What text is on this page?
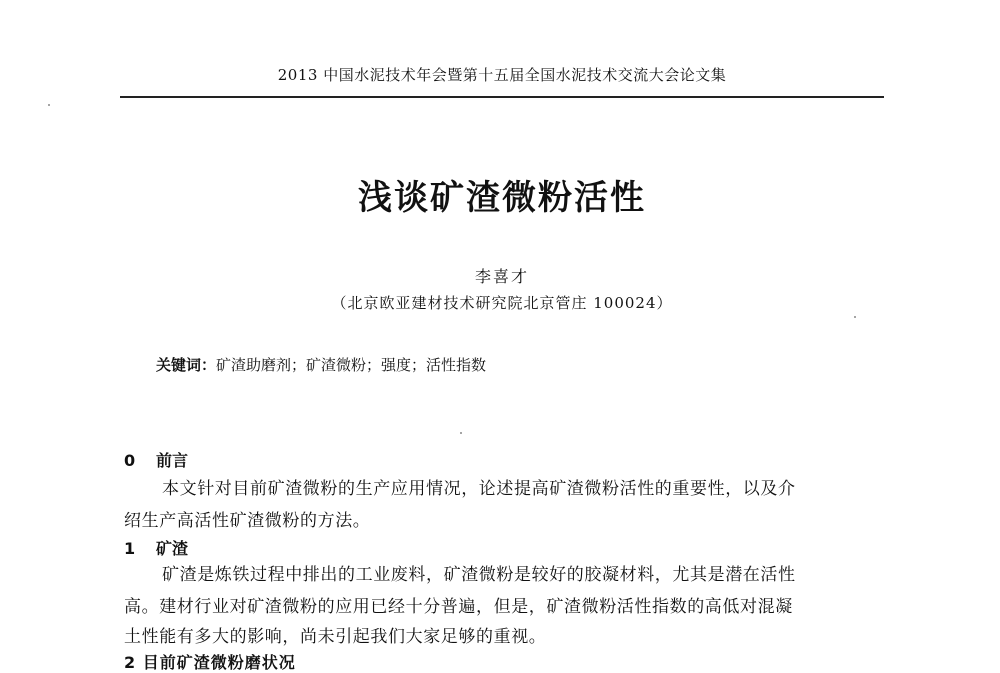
2013 中国水泥技术年会暨第十五届全国水泥技术交流大会论文集
浅谈矿渣微粉活性
李喜才
（北京欧亚建材技术研究院北京管庄 100024）
关键词：矿渣助磨剂；矿渣微粉；强度；活性指数
0 前言
本文针对目前矿渣微粉的生产应用情况，论述提高矿渣微粉活性的重要性，以及介
绍生产高活性矿渣微粉的方法。
1 矿渣
矿渣是炼铁过程中排出的工业废料，矿渣微粉是较好的胶凝材料，尤其是潜在活性
高。建材行业对矿渣微粉的应用已经十分普遍，但是，矿渣微粉活性指数的高低对混凝
土性能有多大的影响，尚未引起我们大家足够的重视。
2 目前矿渣微粉磨状况
